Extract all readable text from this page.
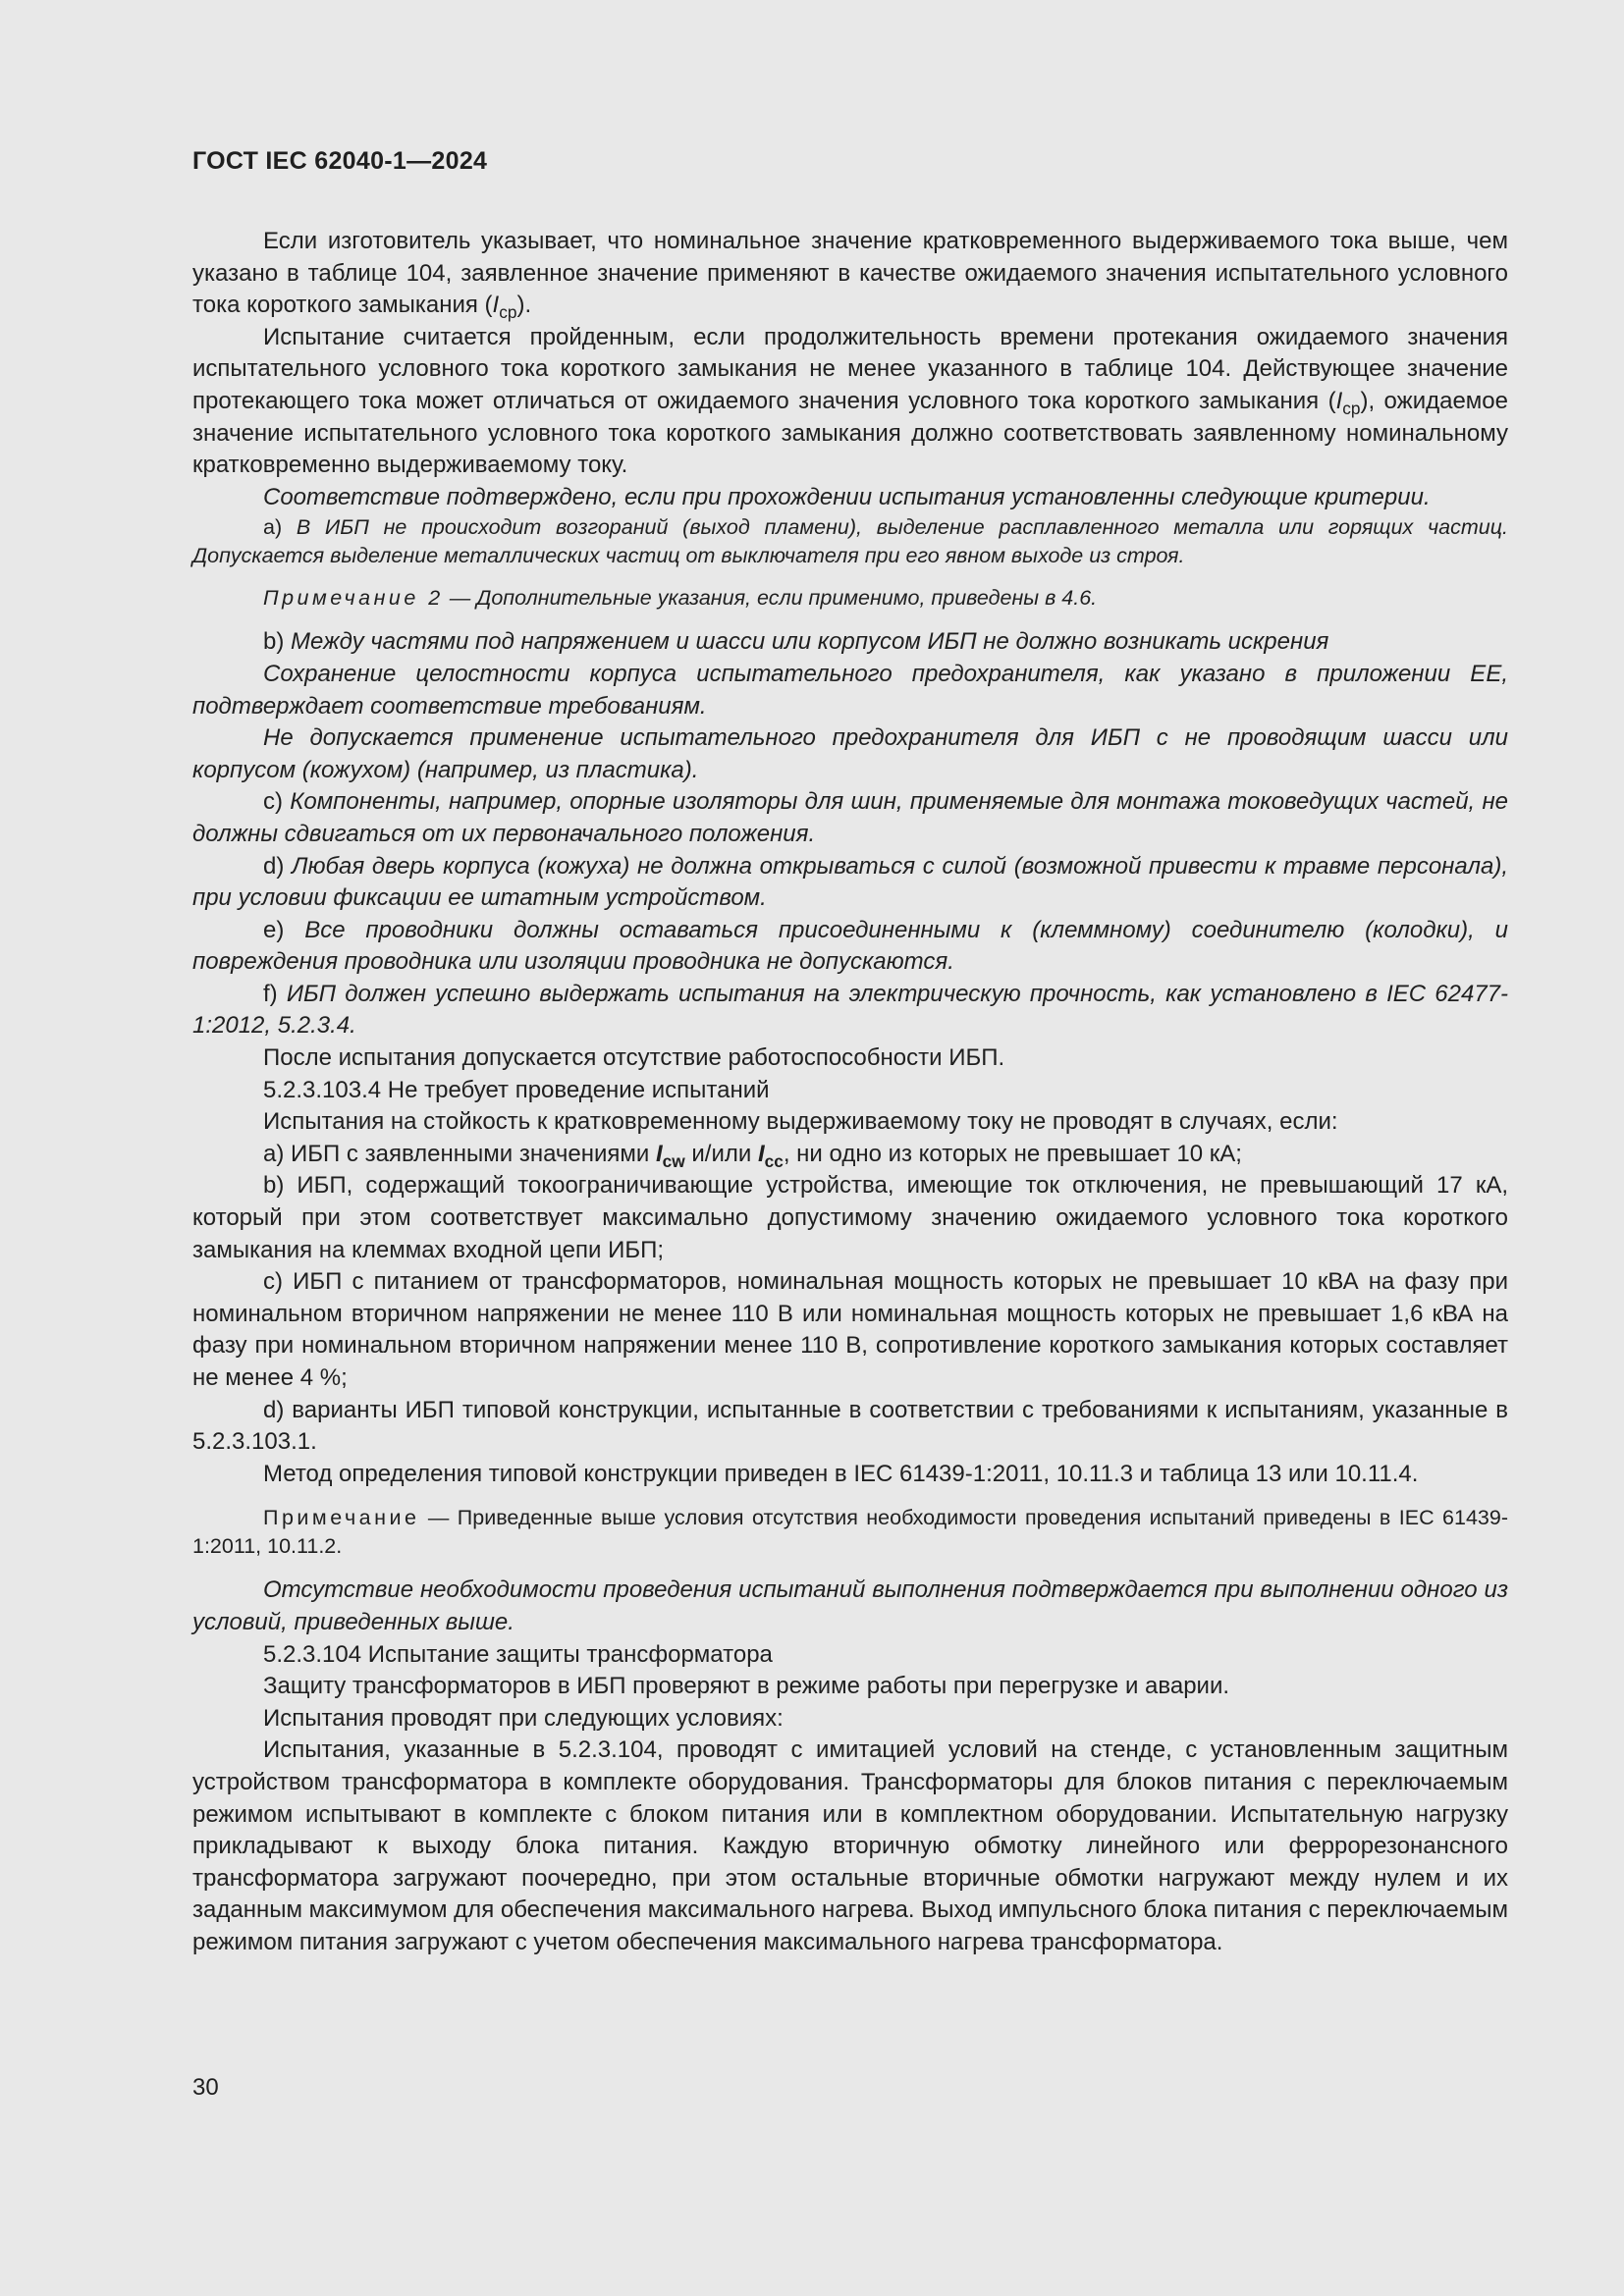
ГОСТ IEC 62040-1—2024

Если изготовитель указывает, что номинальное значение кратковременного выдерживаемого тока выше, чем указано в таблице 104, заявленное значение применяют в качестве ожидаемого значения испытательного условного тока короткого замыкания $(I_{ср})$.

Испытание считается пройденным, если продолжительность времени протекания ожидаемого значения испытательного условного тока короткого замыкания не менее указанного в таблице 104. Действующее значение протекающего тока может отличаться от ожидаемого значения условного тока короткого замыкания $(I_{ср})$, ожидаемое значение испытательного условного тока короткого замыкания должно соответствовать заявленному номинальному кратковременно выдерживаемому току.

Соответствие подтверждено, если при прохождении испытания установленны следующие критерии.

a) В ИБП не происходит возгораний (выход пламени), выделение расплавленного металла или горящих частиц. Допускается выделение металлических частиц от выключателя при его явном выходе из строя.

Примечание 2 — Дополнительные указания, если применимо, приведены в 4.6.

b) Между частями под напряжением и шасси или корпусом ИБП не должно возникать искрения

Сохранение целостности корпуса испытательного предохранителя, как указано в приложении ЕЕ, подтверждает соответствие требованиям.

Не допускается применение испытательного предохранителя для ИБП с не проводящим шасси или корпусом (кожухом) (например, из пластика).

c) Компоненты, например, опорные изоляторы для шин, применяемые для монтажа токоведущих частей, не должны сдвигаться от их первоначального положения.

d) Любая дверь корпуса (кожуха) не должна открываться с силой (возможной привести к травме персонала), при условии фиксации ее штатным устройством.

e) Все проводники должны оставаться присоединенными к (клеммному) соединителю (колодки), и повреждения проводника или изоляции проводника не допускаются.

f) ИБП должен успешно выдержать испытания на электрическую прочность, как установлено в IEC 62477-1:2012, 5.2.3.4.

После испытания допускается отсутствие работоспособности ИБП.

5.2.3.103.4 Не требует проведение испытаний

Испытания на стойкость к кратковременному выдерживаемому току не проводят в случаях, если:

a) ИБП с заявленными значениями $I_{cw}$ и/или $I_{cc}$, ни одно из которых не превышает 10 кА;

b) ИБП, содержащий токоограничивающие устройства, имеющие ток отключения, не превышающий 17 кА, который при этом соответствует максимально допустимому значению ожидаемого условного тока короткого замыкания на клеммах входной цепи ИБП;

c) ИБП с питанием от трансформаторов, номинальная мощность которых не превышает 10 кВА на фазу при номинальном вторичном напряжении не менее 110 В или номинальная мощность которых не превышает 1,6 кВА на фазу при номинальном вторичном напряжении менее 110 В, сопротивление короткого замыкания которых составляет не менее 4 %;

d) варианты ИБП типовой конструкции, испытанные в соответствии с требованиями к испытаниям, указанные в 5.2.3.103.1.

Метод определения типовой конструкции приведен в IEC 61439-1:2011, 10.11.3 и таблица 13 или 10.11.4.

Примечание — Приведенные выше условия отсутствия необходимости проведения испытаний приведены в IEC 61439-1:2011, 10.11.2.

Отсутствие необходимости проведения испытаний выполнения подтверждается при выполнении одного из условий, приведенных выше.

5.2.3.104 Испытание защиты трансформатора

Защиту трансформаторов в ИБП проверяют в режиме работы при перегрузке и аварии.

Испытания проводят при следующих условиях:

Испытания, указанные в 5.2.3.104, проводят с имитацией условий на стенде, с установленным защитным устройством трансформатора в комплекте оборудования. Трансформаторы для блоков питания с переключаемым режимом испытывают в комплекте с блоком питания или в комплектном оборудовании. Испытательную нагрузку прикладывают к выходу блока питания. Каждую вторичную обмотку линейного или феррорезонансного трансформатора загружают поочередно, при этом остальные вторичные обмотки нагружают между нулем и их заданным максимумом для обеспечения максимального нагрева. Выход импульсного блока питания с переключаемым режимом питания загружают с учетом обеспечения максимального нагрева трансформатора.

30
